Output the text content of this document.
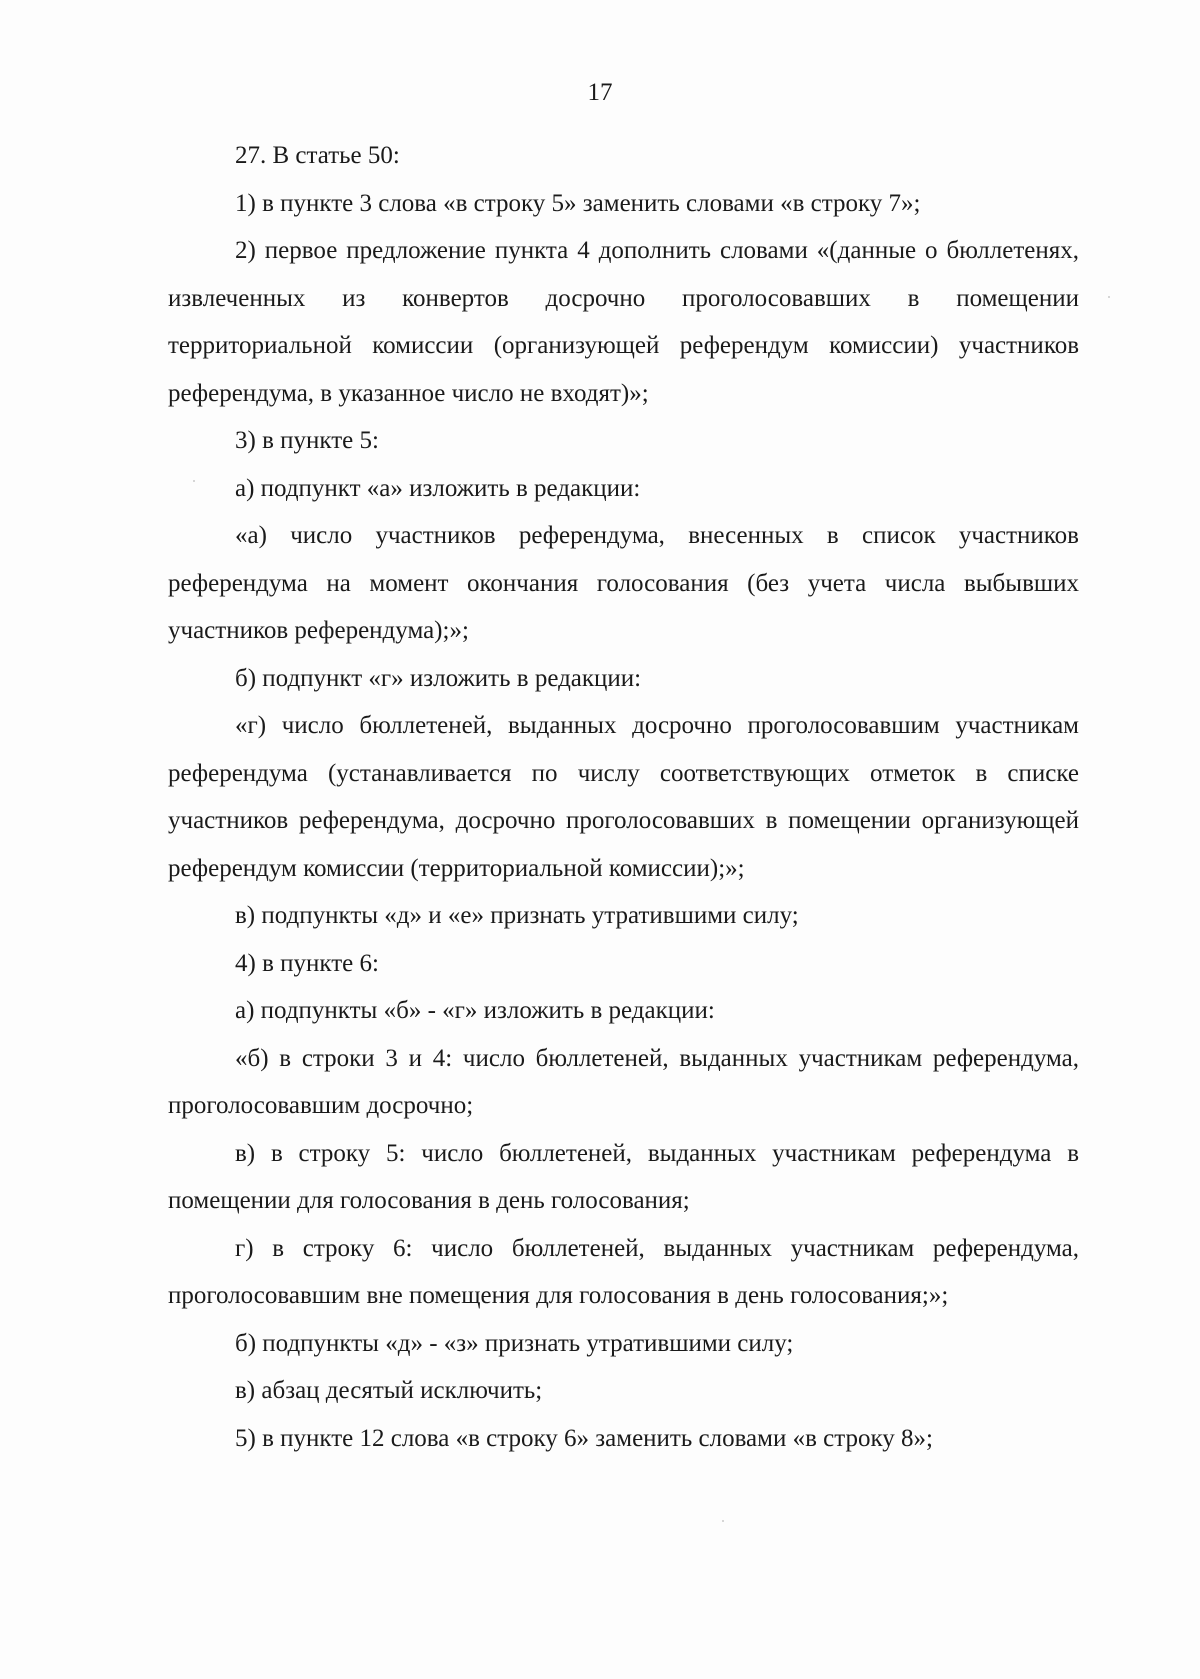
17

27. В статье 50:

1) в пункте 3 слова «в строку 5» заменить словами «в строку 7»;

2) первое предложение пункта 4 дополнить словами «(данные о бюллетенях, извлеченных из конвертов досрочно проголосовавших в помещении территориальной комиссии (организующей референдум комиссии) участников референдума, в указанное число не входят)»;

3) в пункте 5:

а) подпункт «а» изложить в редакции:

«а) число участников референдума, внесенных в список участников референдума на момент окончания голосования (без учета числа выбывших участников референдума);»;

б) подпункт «г» изложить в редакции:

«г) число бюллетеней, выданных досрочно проголосовавшим участникам референдума (устанавливается по числу соответствующих отметок в списке участников референдума, досрочно проголосовавших в помещении организующей референдум комиссии (территориальной комиссии);»;

в) подпункты «д» и «е» признать утратившими силу;

4) в пункте 6:

а) подпункты «б» - «г» изложить в редакции:

«б) в строки 3 и 4: число бюллетеней, выданных участникам референдума, проголосовавшим досрочно;

в) в строку 5: число бюллетеней, выданных участникам референдума в помещении для голосования в день голосования;

г) в строку 6: число бюллетеней, выданных участникам референдума, проголосовавшим вне помещения для голосования в день голосования;»;

б) подпункты «д» - «з» признать утратившими силу;

в) абзац десятый исключить;

5) в пункте 12 слова «в строку 6» заменить словами «в строку 8»;
